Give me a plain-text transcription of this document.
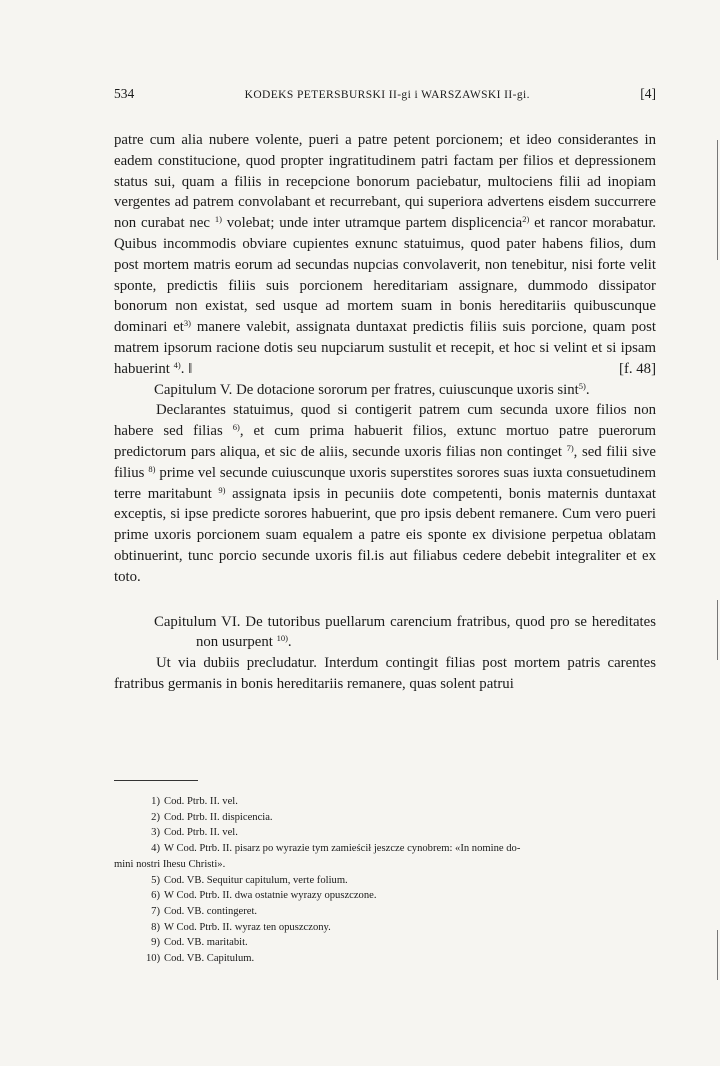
534	KODEKS PETERSBURSKI II-gi i WARSZAWSKI II-gi.	[4]

patre cum alia nubere volente, pueri a patre petent porcionem; et ideo considerantes in eadem constitucione, quod propter ingratitudinem patri factam per filios et depressionem status sui, quam a filiis in recepcione bonorum paciebatur, multociens filii ad inopiam vergentes ad patrem convolabant et recurrebant, qui superiora advertens eisdem succurrere non curabat nec $^{1)}$ volebat; unde inter utramque partem displicencia$^{2)}$ et rancor morabatur. Quibus incommodis obviare cupientes exnunc statuimus, quod pater habens filios, dum post mortem matris eorum ad secundas nupcias convolaverit, non tenebitur, nisi forte velit sponte, predictis filiis suis porcionem hereditariam assignare, dummodo dissipator bonorum non existat, sed usque ad mortem suam in bonis hereditariis quibuscunque dominari et$^{3)}$ manere valebit, assignata duntaxat predictis filiis suis porcione, quam post matrem ipsorum racione dotis seu nupciarum sustulit et recepit, et hoc si velint et si ipsam habuerint $^{4)}$. ‖	[f. 48]

Capitulum V. De dotacione sororum per fratres, cuiuscunque uxoris sint$^{5)}$.

Declarantes statuimus, quod si contigerit patrem cum secunda uxore filios non habere sed filias $^{6)}$, et cum prima habuerit filios, extunc mortuo patre puerorum predictorum pars aliqua, et sic de aliis, secunde uxoris filias non continget $^{7)}$, sed filii sive filius $^{8)}$ prime vel secunde cuiuscunque uxoris superstites sorores suas iuxta consuetudinem terre maritabunt $^{9)}$ assignata ipsis in pecuniis dote competenti, bonis maternis duntaxat exceptis, si ipse predicte sorores habuerint, que pro ipsis debent remanere. Cum vero pueri prime uxoris porcionem suam equalem a patre eis sponte ex divisione perpetua oblatam obtinuerint, tunc porcio secunde uxoris fil.is aut filiabus cedere debebit integraliter et ex toto.

Capitulum VI. De tutoribus puellarum carencium fratribus, quod pro se hereditates non usurpent $^{10)}$.

Ut via dubiis precludatur. Interdum contingit filias post mortem patris carentes fratribus germanis in bonis hereditariis remanere, quas solent patrui

1) Cod. Ptrb. II. vel.
2) Cod. Ptrb. II. dispicencia.
3) Cod. Ptrb. II. vel.
4) W Cod. Ptrb. II. pisarz po wyrazie tym zamieścił jeszcze cynobrem: «In nomine do-
mini nostri Ihesu Christi».
5) Cod. VB. Sequitur capitulum, verte folium.
6) W Cod. Ptrb. II. dwa ostatnie wyrazy opuszczone.
7) Cod. VB. contingeret.
8) W Cod. Ptrb. II. wyraz ten opuszczony.
9) Cod. VB. maritabit.
10) Cod. VB. Capitulum.
